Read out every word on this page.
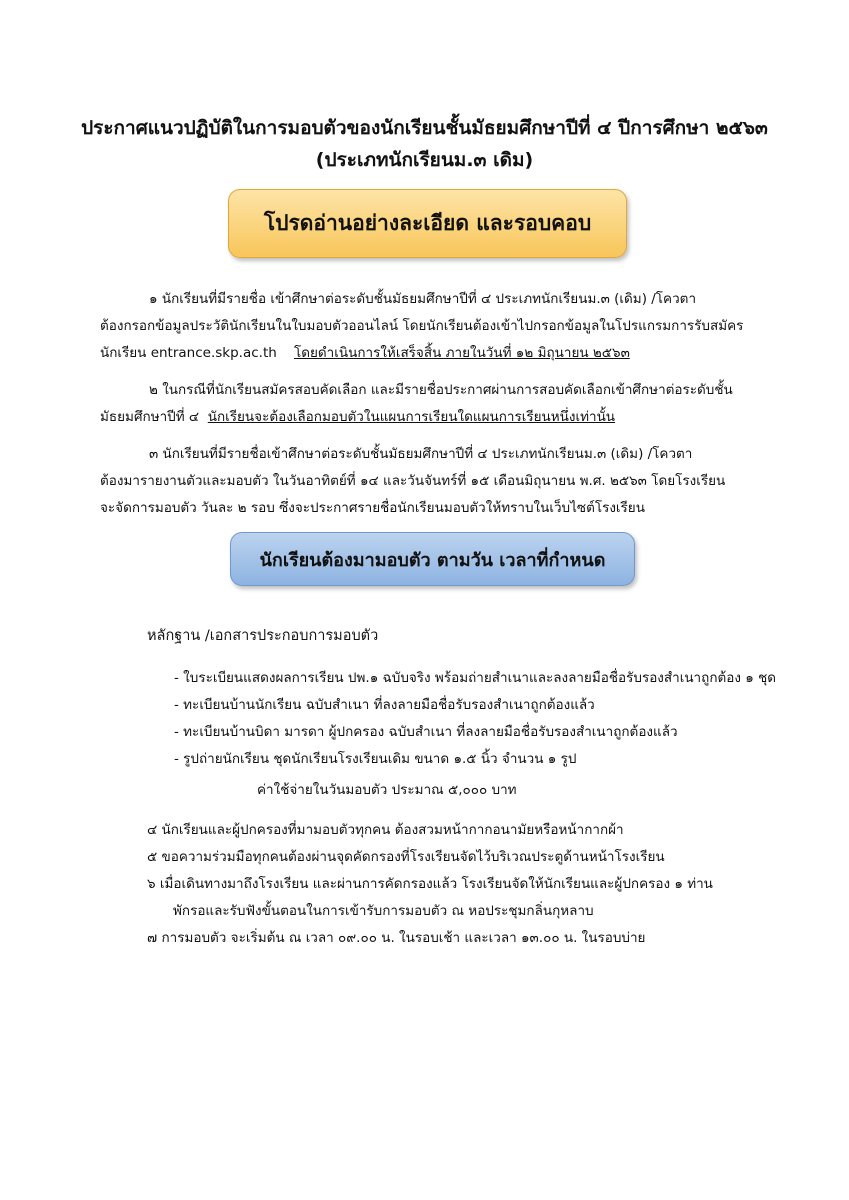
ประกาศแนวปฏิบัติในการมอบตัวของนักเรียนชั้นมัธยมศึกษาปีที่ ๔ ปีการศึกษา ๒๕๖๓
(ประเภทนักเรียนม.๓ เดิม)
โปรดอ่านอย่างละเอียด และรอบคอบ
๑ นักเรียนที่มีรายชื่อ เข้าศึกษาต่อระดับชั้นมัธยมศึกษาปีที่ ๔ ประเภทนักเรียนม.๓ (เดิม) /โควตา
ต้องกรอกข้อมูลประวัตินักเรียนในใบมอบตัวออนไลน์ โดยนักเรียนต้องเข้าไปกรอกข้อมูลในโปรแกรมการรับสมัคร
นักเรียน entrance.skp.ac.th โดยดำเนินการให้เสร็จสิ้น ภายในวันที่ ๑๒ มิถุนายน ๒๕๖๓
๒ ในกรณีที่นักเรียนสมัครสอบคัดเลือก และมีรายชื่อประกาศผ่านการสอบคัดเลือกเข้าศึกษาต่อระดับชั้น
มัธยมศึกษาปีที่ ๔ นักเรียนจะต้องเลือกมอบตัวในแผนการเรียนใดแผนการเรียนหนึ่งเท่านั้น
๓ นักเรียนที่มีรายชื่อเข้าศึกษาต่อระดับชั้นมัธยมศึกษาปีที่ ๔ ประเภทนักเรียนม.๓ (เดิม) /โควตา
ต้องมารายงานตัวและมอบตัว ในวันอาทิตย์ที่ ๑๔ และวันจันทร์ที่ ๑๕ เดือนมิถุนายน พ.ศ. ๒๕๖๓ โดยโรงเรียน
จะจัดการมอบตัว วันละ ๒ รอบ ซึ่งจะประกาศรายชื่อนักเรียนมอบตัวให้ทราบในเว็บไซต์โรงเรียน
นักเรียนต้องมามอบตัว ตามวัน เวลาที่กำหนด
หลักฐาน /เอกสารประกอบการมอบตัว
- ใบระเบียนแสดงผลการเรียน ปพ.๑ ฉบับจริง พร้อมถ่ายสำเนาและลงลายมือชื่อรับรองสำเนาถูกต้อง ๑ ชุด
- ทะเบียนบ้านนักเรียน ฉบับสำเนา ที่ลงลายมือชื่อรับรองสำเนาถูกต้องแล้ว
- ทะเบียนบ้านบิดา มารดา ผู้ปกครอง ฉบับสำเนา ที่ลงลายมือชื่อรับรองสำเนาถูกต้องแล้ว
- รูปถ่ายนักเรียน ชุดนักเรียนโรงเรียนเดิม ขนาด ๑.๕ นิ้ว จำนวน ๑ รูป
ค่าใช้จ่ายในวันมอบตัว ประมาณ ๕,๐๐๐ บาท
๔ นักเรียนและผู้ปกครองที่มามอบตัวทุกคน ต้องสวมหน้ากากอนามัยหรือหน้ากากผ้า
๕ ขอความร่วมมือทุกคนต้องผ่านจุดคัดกรองที่โรงเรียนจัดไว้บริเวณประตูด้านหน้าโรงเรียน
๖ เมื่อเดินทางมาถึงโรงเรียน และผ่านการคัดกรองแล้ว โรงเรียนจัดให้นักเรียนและผู้ปกครอง ๑ ท่าน
พักรอและรับฟังขั้นตอนในการเข้ารับการมอบตัว ณ หอประชุมกลิ่นกุหลาบ
๗ การมอบตัว จะเริ่มต้น ณ เวลา ๐๙.๐๐ น. ในรอบเช้า และเวลา ๑๓.๐๐ น. ในรอบบ่าย
